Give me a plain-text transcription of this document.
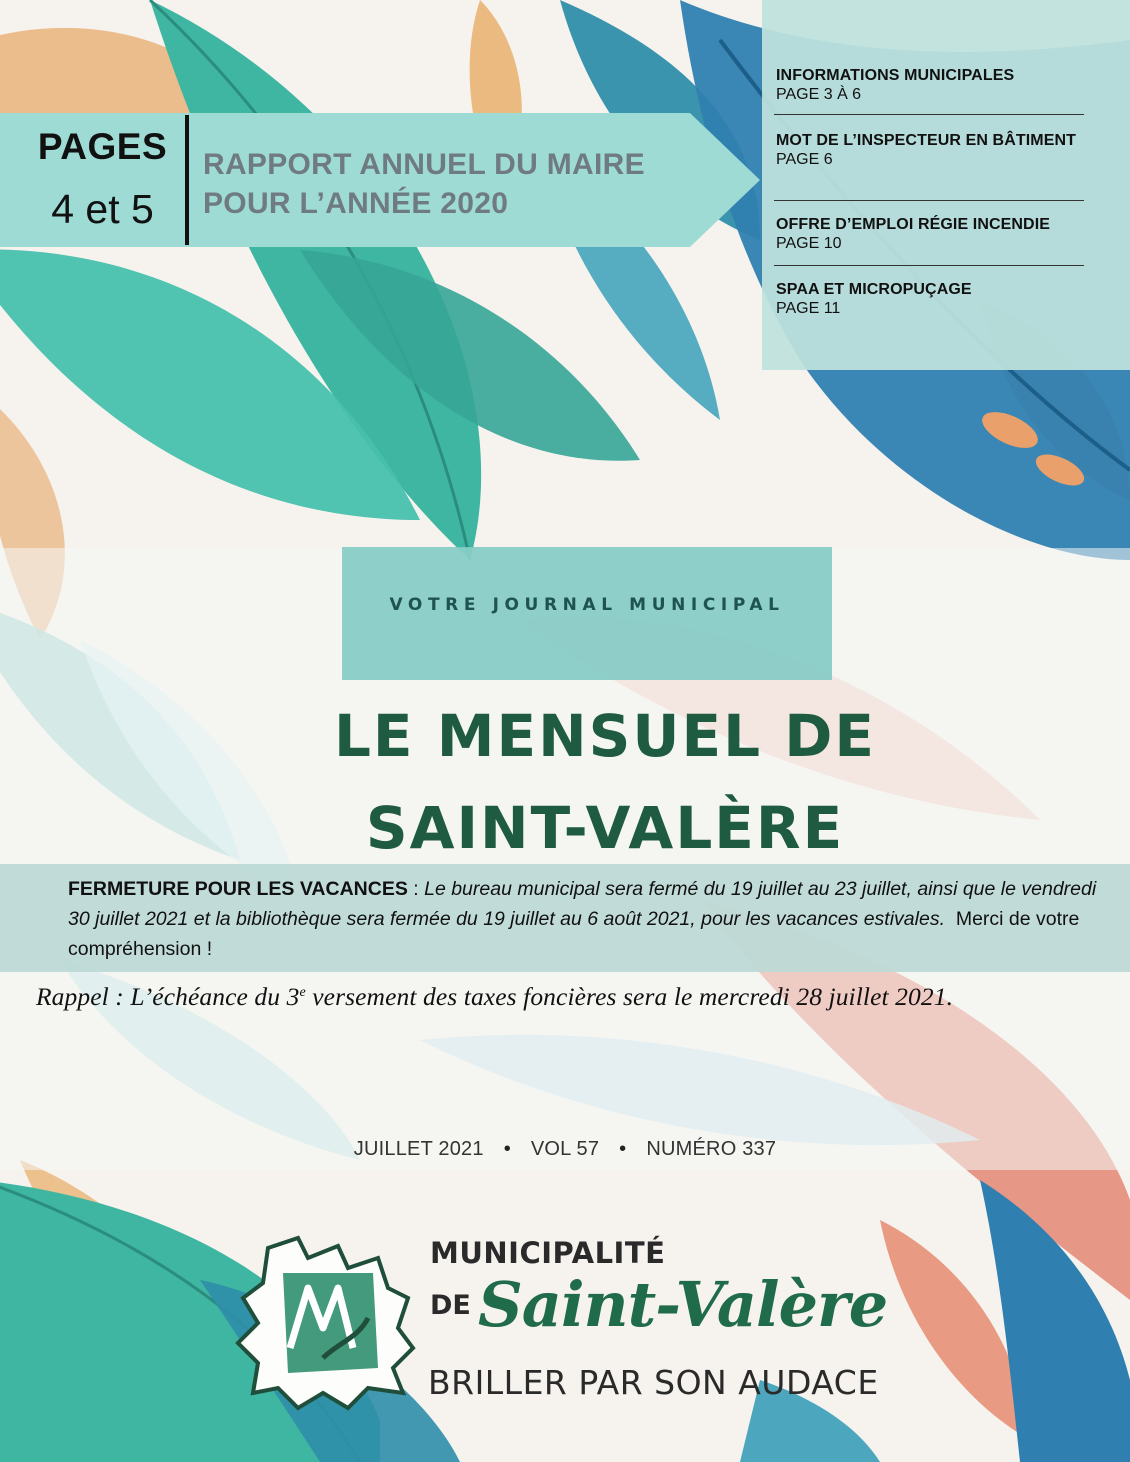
PAGES
4 et 5
RAPPORT ANNUEL DU MAIRE POUR L’ANNÉE 2020
INFORMATIONS MUNICIPALES
PAGE 3 À 6
MOT DE L’INSPECTEUR EN BÂTIMENT
PAGE 6
OFFRE D’EMPLOI RÉGIE INCENDIE
PAGE 10
SPAA ET MICROPUÇAGE
PAGE 11
VOTRE JOURNAL MUNICIPAL
LE MENSUEL DE
SAINT-VALÈRE
FERMETURE POUR LES VACANCES : Le bureau municipal sera fermé du 19 juillet au 23 juillet, ainsi que le vendredi 30 juillet 2021 et la bibliothèque sera fermée du 19 juillet au 6 août 2021, pour les vacances estivales. Merci de votre compréhension !
Rappel : L’échéance du 3e versement des taxes foncières sera le mercredi 28 juillet 2021.
JUILLET 2021 • VOL 57 • NUMÉRO 337
MUNICIPALITÉ
DE Saint-Valère
BRILLER PAR SON AUDACE
